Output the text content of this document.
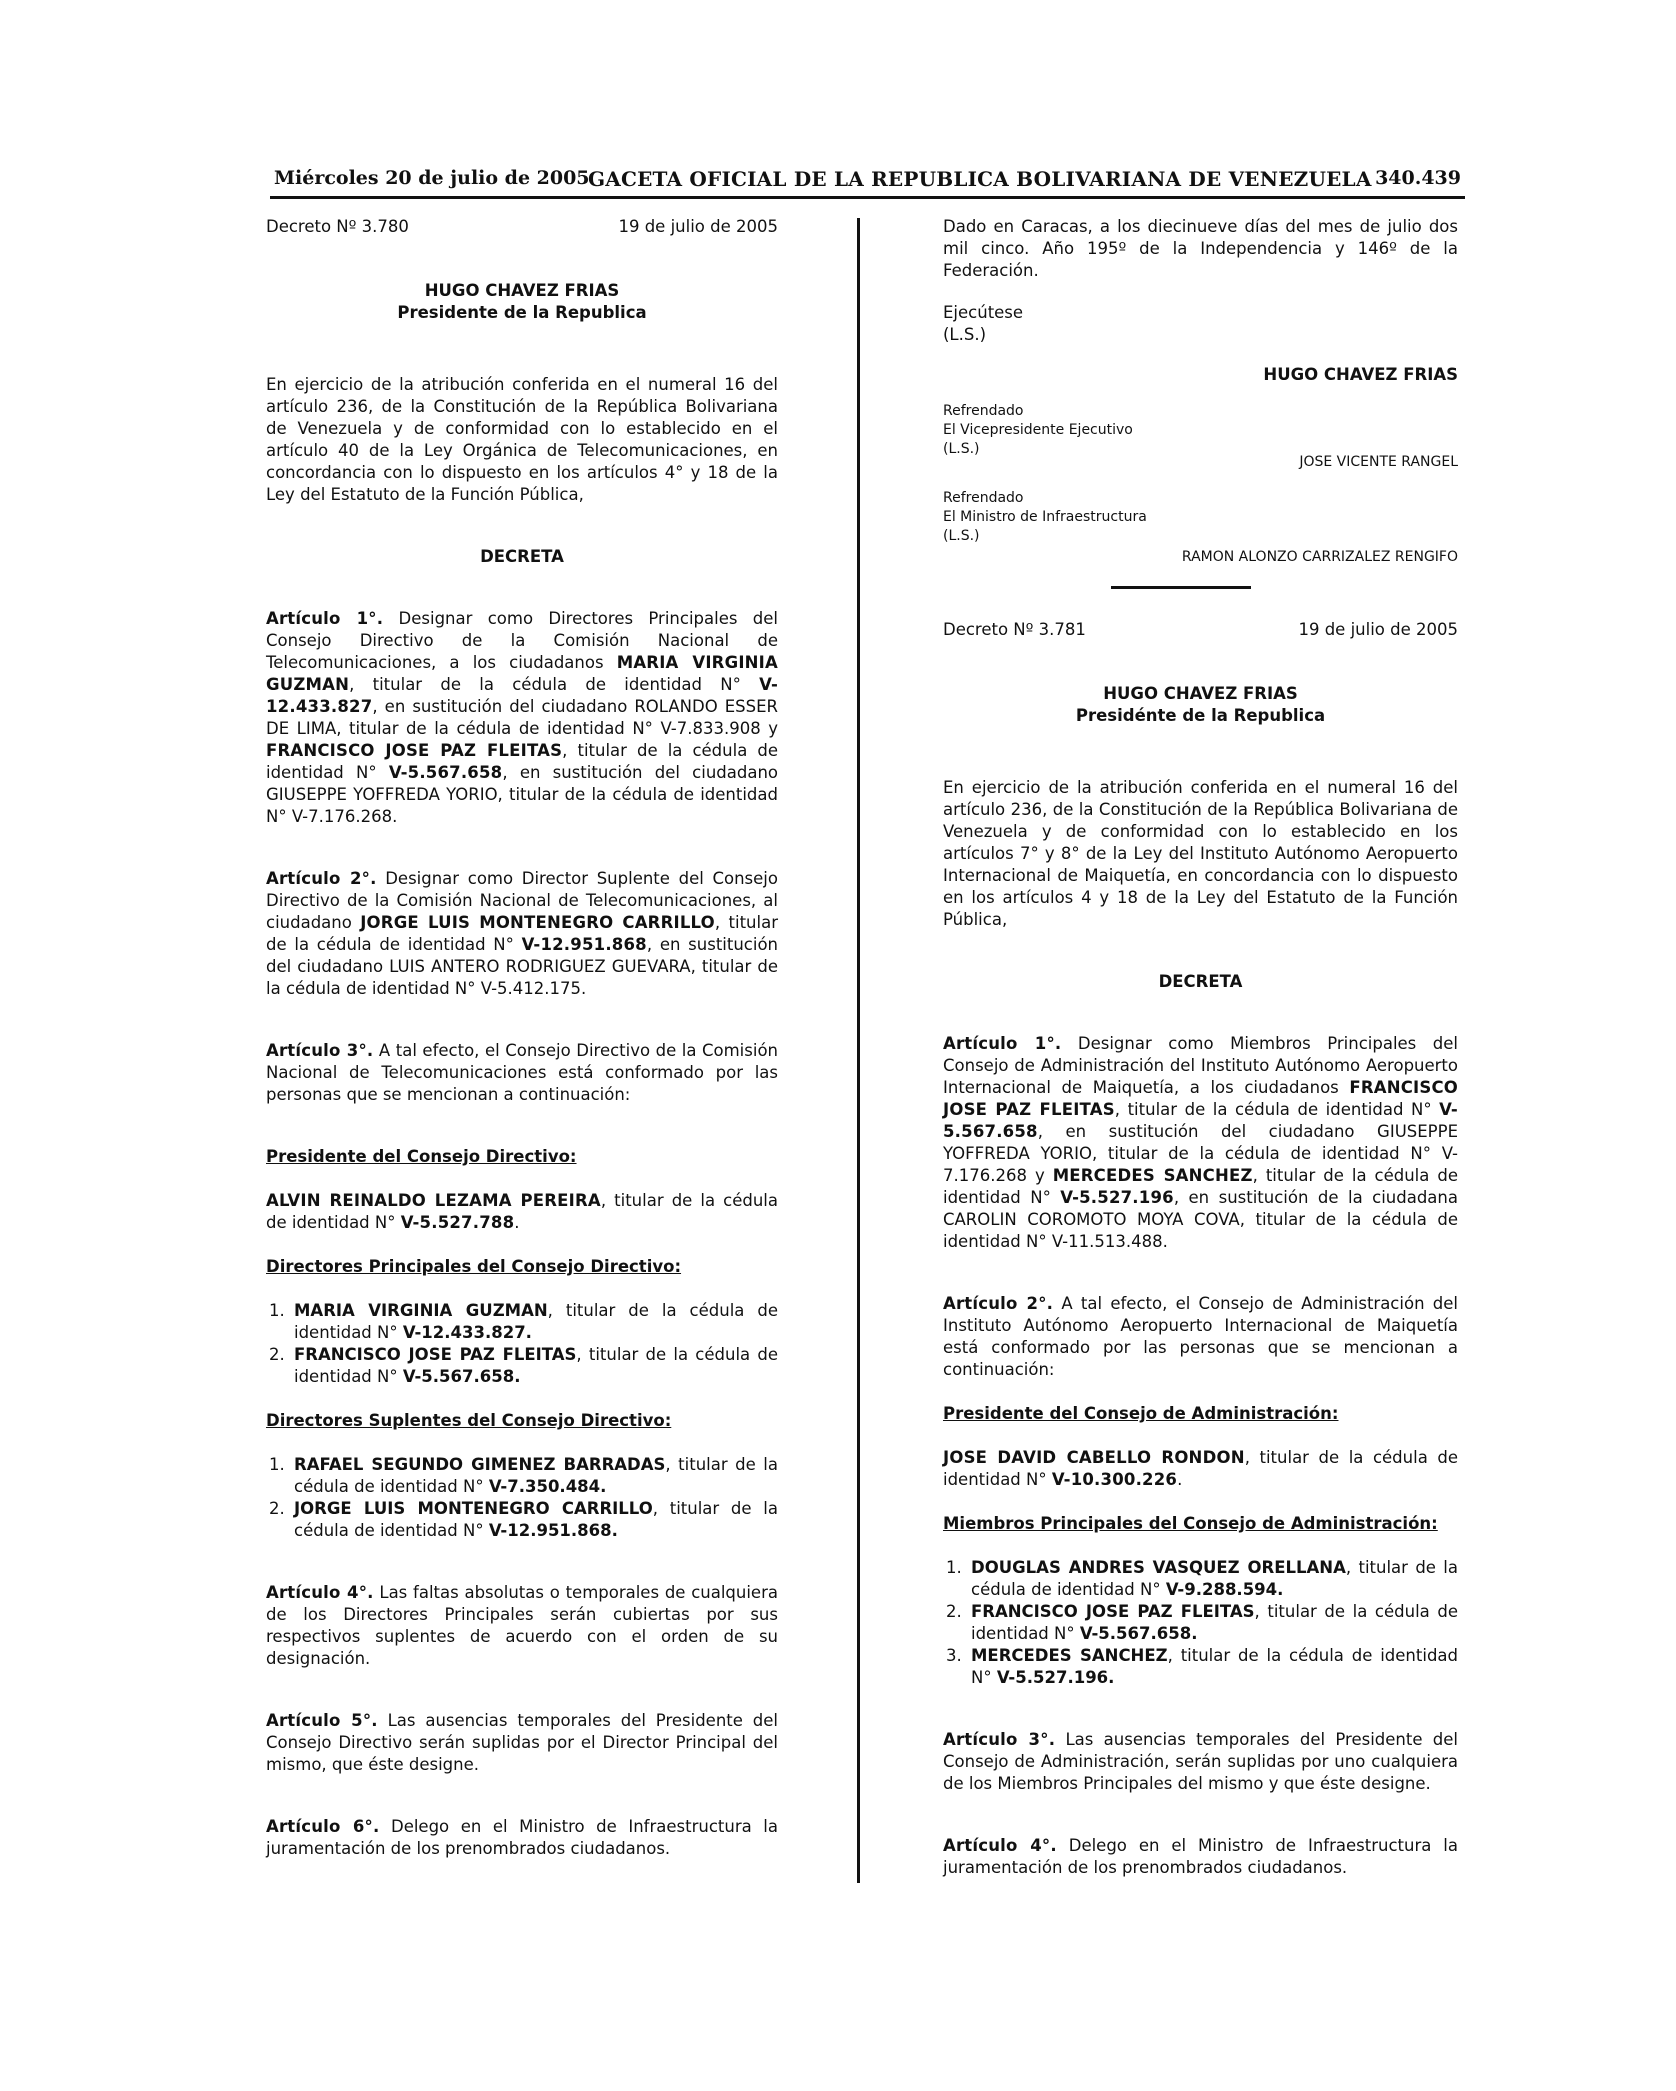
Miércoles 20 de julio de 2005
GACETA OFICIAL DE LA REPUBLICA BOLIVARIANA DE VENEZUELA 340.439
Decreto Nº 3.780	19 de julio de 2005
HUGO CHAVEZ FRIAS
Presidente de la Republica
En ejercicio de la atribución conferida en el numeral 16 del artículo 236, de la Constitución de la República Bolivariana de Venezuela y de conformidad con lo establecido en el artículo 40 de la Ley Orgánica de Telecomunicaciones, en concordancia con lo dispuesto en los artículos 4° y 18 de la Ley del Estatuto de la Función Pública,
DECRETA
Artículo 1°. Designar como Directores Principales del Consejo Directivo de la Comisión Nacional de Telecomunicaciones, a los ciudadanos MARIA VIRGINIA GUZMAN, titular de la cédula de identidad N° V-12.433.827, en sustitución del ciudadano ROLANDO ESSER DE LIMA, titular de la cédula de identidad N° V-7.833.908 y FRANCISCO JOSE PAZ FLEITAS, titular de la cédula de identidad N° V-5.567.658, en sustitución del ciudadano GIUSEPPE YOFFREDA YORIO, titular de la cédula de identidad N° V-7.176.268.
Artículo 2°. Designar como Director Suplente del Consejo Directivo de la Comisión Nacional de Telecomunicaciones, al ciudadano JORGE LUIS MONTENEGRO CARRILLO, titular de la cédula de identidad N° V-12.951.868, en sustitución del ciudadano LUIS ANTERO RODRIGUEZ GUEVARA, titular de la cédula de identidad N° V-5.412.175.
Artículo 3°. A tal efecto, el Consejo Directivo de la Comisión Nacional de Telecomunicaciones está conformado por las personas que se mencionan a continuación:
Presidente del Consejo Directivo:
ALVIN REINALDO LEZAMA PEREIRA, titular de la cédula de identidad N° V-5.527.788.
Directores Principales del Consejo Directivo:
1. MARIA VIRGINIA GUZMAN, titular de la cédula de identidad N° V-12.433.827.
2. FRANCISCO JOSE PAZ FLEITAS, titular de la cédula de identidad N° V-5.567.658.
Directores Suplentes del Consejo Directivo:
1. RAFAEL SEGUNDO GIMENEZ BARRADAS, titular de la cédula de identidad N° V-7.350.484.
2. JORGE LUIS MONTENEGRO CARRILLO, titular de la cédula de identidad N° V-12.951.868.
Artículo 4°. Las faltas absolutas o temporales de cualquiera de los Directores Principales serán cubiertas por sus respectivos suplentes de acuerdo con el orden de su designación.
Artículo 5°. Las ausencias temporales del Presidente del Consejo Directivo serán suplidas por el Director Principal del mismo, que éste designe.
Artículo 6°. Delego en el Ministro de Infraestructura la juramentación de los prenombrados ciudadanos.
Dado en Caracas, a los diecinueve días del mes de julio dos mil cinco. Año 195º de la Independencia y 146º de la Federación.
Ejecútese
(L.S.)
HUGO CHAVEZ FRIAS
Refrendado
El Vicepresidente Ejecutivo
(L.S.)
JOSE VICENTE RANGEL
Refrendado
El Ministro de Infraestructura
(L.S.)
RAMON ALONZO CARRIZALEZ RENGIFO
Decreto Nº 3.781	19 de julio de 2005
HUGO CHAVEZ FRIAS
Presidénte de la Republica
En ejercicio de la atribución conferida en el numeral 16 del artículo 236, de la Constitución de la República Bolivariana de Venezuela y de conformidad con lo establecido en los artículos 7° y 8° de la Ley del Instituto Autónomo Aeropuerto Internacional de Maiquetía, en concordancia con lo dispuesto en los artículos 4 y 18 de la Ley del Estatuto de la Función Pública,
DECRETA
Artículo 1°. Designar como Miembros Principales del Consejo de Administración del Instituto Autónomo Aeropuerto Internacional de Maiquetía, a los ciudadanos FRANCISCO JOSE PAZ FLEITAS, titular de la cédula de identidad N° V-5.567.658, en sustitución del ciudadano GIUSEPPE YOFFREDA YORIO, titular de la cédula de identidad N° V-7.176.268 y MERCEDES SANCHEZ, titular de la cédula de identidad N° V-5.527.196, en sustitución de la ciudadana CAROLIN COROMOTO MOYA COVA, titular de la cédula de identidad N° V-11.513.488.
Artículo 2°. A tal efecto, el Consejo de Administración del Instituto Autónomo Aeropuerto Internacional de Maiquetía está conformado por las personas que se mencionan a continuación:
Presidente del Consejo de Administración:
JOSE DAVID CABELLO RONDON, titular de la cédula de identidad N° V-10.300.226.
Miembros Principales del Consejo de Administración:
1. DOUGLAS ANDRES VASQUEZ ORELLANA, titular de la cédula de identidad N° V-9.288.594.
2. FRANCISCO JOSE PAZ FLEITAS, titular de la cédula de identidad N° V-5.567.658.
3. MERCEDES SANCHEZ, titular de la cédula de identidad N° V-5.527.196.
Artículo 3°. Las ausencias temporales del Presidente del Consejo de Administración, serán suplidas por uno cualquiera de los Miembros Principales del mismo y que éste designe.
Artículo 4°. Delego en el Ministro de Infraestructura la juramentación de los prenombrados ciudadanos.
